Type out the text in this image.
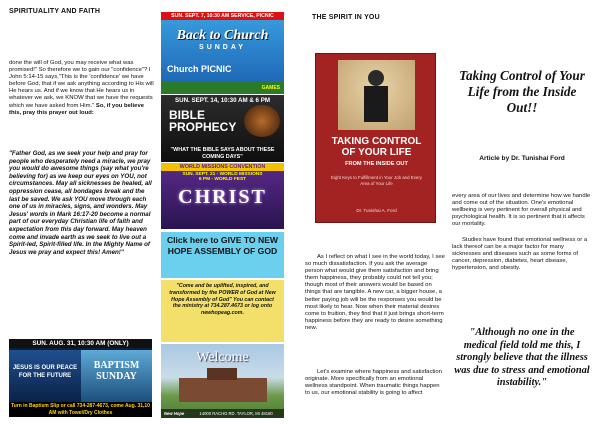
SPIRITUALITY AND FAITH
done the will of God, you may receive what was promised!" So therefore we to gain our "confidence"? I John 5:14-15 says,"This is the 'confidence' we have before God, that if we ask anything according to His will He hears us. And if we know that He hears us in whatever we ask, we KNOW that we have the requests which we have asked from Him." So, if you believe this, pray this prayer out loud:
"Father God, as we seek your help and pray for people who desperately need a miracle, we pray you would do awesome things (say what you're believing for) as we keep our eyes on YOU, not circumstances. May all sicknesses be healed, all oppression cease, all bondages break and the last be saved. We ask YOU move through each one of us in miracles, signs, and wonders. May Jesus' words in Mark 16:17-20 become a normal part of our everyday Christian life of faith and expectation from this day forward. May heaven come and invade earth as we seek to live out a Spirit-led, Spirit-filled life. In the Mighty Name of Jesus we pray and expect this! Amen!"
SUN. AUG. 31, 10:30 AM (ONLY)
JESUS IS OUR PEACE FOR THE FUTURE
BAPTISM SUNDAY
Turn in Baptism Slip or call 734-287-4673, come Aug. 31,10 AM with Towel/Dry Clothes
SUN. SEPT. 7, 10:30 AM SERVICE, PICNIC
Back to Church
SUNDAY
Church PICNIC
GAMES
SUN. SEPT. 14, 10:30 AM & 6 PM
BIBLE
PROPHECY
"WHAT THE BIBLE SAYS ABOUT THESE COMING DAYS"
WORLD MISSIONS CONVENTION
SUN. SEPT. 21 - WORLD MISSIONS
6 PM - WORLD FEST
CHRIST
Click here to GIVE TO NEW HOPE ASSEMBLY OF GOD
"Come and be uplifted, inspired, and transformed by the POWER of God at New Hope Assembly of God" You can contact the ministry at 734.287.4673 or log onto newhopeag.com.
Welcome
New Hope	14000 RACHO RD. TAYLOR, MI 48180
THE SPIRIT IN YOU
TAKING CONTROL
OF YOUR LIFE
FROM THE INSIDE OUT
Eight Keys to Fulfillment in Your Job and Every Area of Your Life
Dr. Tunishai A. Ford
As I reflect on what I see in the world today, I see so much dissatisfaction. If you ask the average person what would give them satisfaction and bring them happiness, they probably could not tell you; though most of their answers would be based on things that are tangible. A new car, a bigger house, a better paying job will be the responses you would be most likely to hear. Now when their material desires come to fruition, they find that it just brings short-term happiness before they are ready to desire something new.
Let's examine where happiness and satisfaction originate. More specifically from an emotional wellness standpoint. When traumatic things happen to us, our emotional stability is going to affect
Taking Control of Your Life from the Inside Out!!
Article by Dr. Tunishai Ford
every area of our lives and determine how we handle and come out of the situation. One's emotional wellbeing is very pertinent for overall physical and psychological health. It is so pertinent that it affects our mortality.
Studies have found that emotional wellness or a lack thereof can be a major factor for many sicknesses and diseases such as some forms of cancer, depression, diabetes, heart disease, hypertension, and obesity.
"Although no one in the medical field told me this, I strongly believe that the illness was due to stress and emotional instability."
